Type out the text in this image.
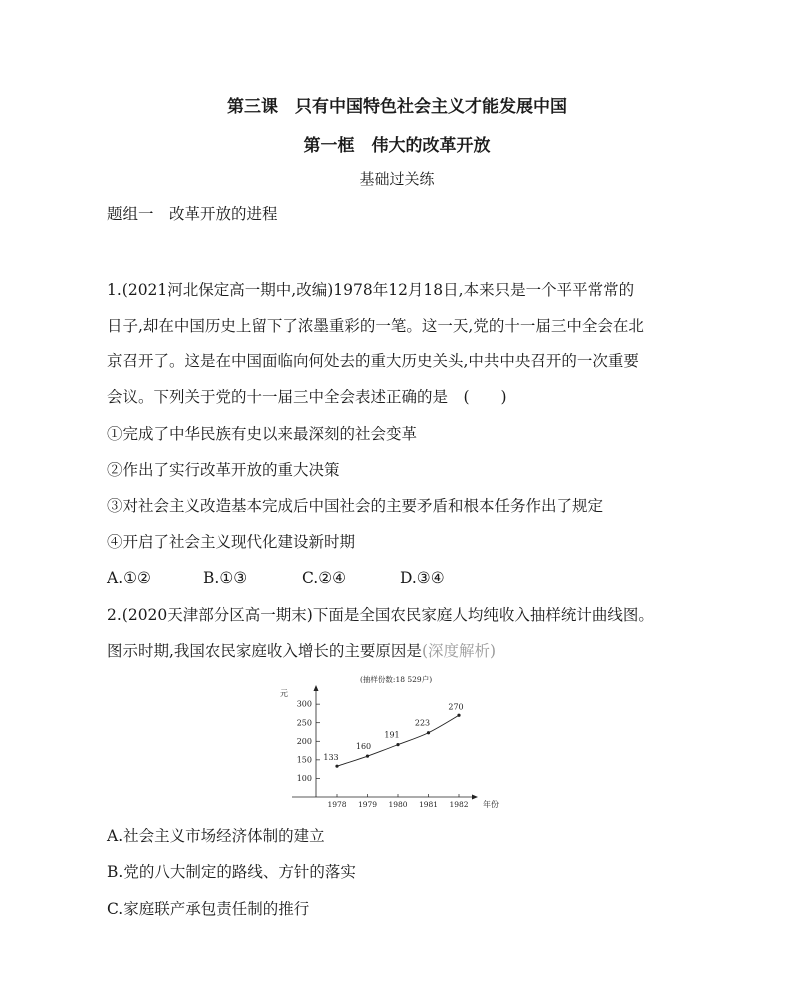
第三课　只有中国特色社会主义才能发展中国
第一框　伟大的改革开放
基础过关练
题组一　改革开放的进程
1.(2021河北保定高一期中,改编)1978年12月18日,本来只是一个平平常常的
日子,却在中国历史上留下了浓墨重彩的一笔。这一天,党的十一届三中全会在北
京召开了。这是在中国面临向何处去的重大历史关头,中共中央召开的一次重要
会议。下列关于党的十一届三中全会表述正确的是　(　　)
①完成了中华民族有史以来最深刻的社会变革
②作出了实行改革开放的重大决策
③对社会主义改造基本完成后中国社会的主要矛盾和根本任务作出了规定
④开启了社会主义现代化建设新时期
A.①②	B.①③	C.②④	D.③④
2.(2020天津部分区高一期末)下面是全国农民家庭人均纯收入抽样统计曲线图。
图示时期,我国农民家庭收入增长的主要原因是(深度解析)
(抽样份数:18 529户)
元
年份
100
150
200
250
300
1978 1979 1980 1981 1982
133
160
191
223
270
A.社会主义市场经济体制的建立
B.党的八大制定的路线、方针的落实
C.家庭联产承包责任制的推行
